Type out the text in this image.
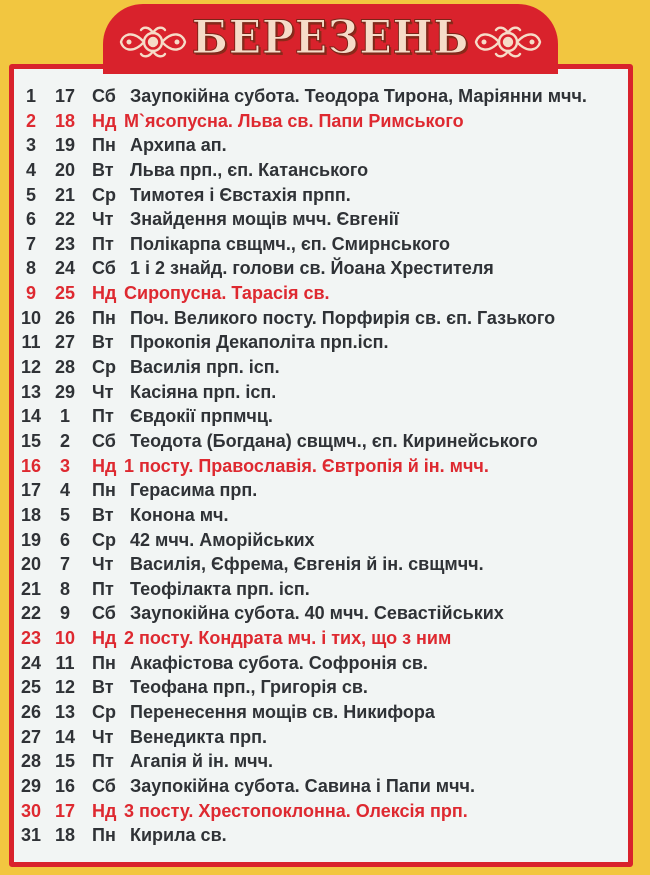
БЕРЕЗЕНЬ
1	17 Сб Заупокійна субота. Теодора Тирона, Маріянни мчч.
2	18 Нд М`ясопусна. Льва св. Папи Римського
3	19 Пн Архипа ап.
4	20 Вт Льва прп., єп. Катанського
5	21 Ср Тимотея і Євстахія прпп.
6	22 Чт Знайдення мощів мчч. Євгенії
7	23 Пт Полікарпа свщмч., єп. Смирнського
8	24 Сб 1 і 2 знайд. голови св. Йоана Хрестителя
9	25 Нд Сиропусна. Тарасія св.
10 26 Пн Поч. Великого посту. Порфирія св. єп. Газького
11 27 Вт Прокопія Декаполіта прп.ісп.
12 28 Ср Василія прп. ісп.
13 29 Чт Касіяна прп. ісп.
14	1	Пт Євдокії прпмчц.
15	2	Сб Теодота (Богдана) свщмч., єп. Киринейського
16	3	Нд 1 посту. Православія. Євтропія й ін. мчч.
17	4	Пн Герасима прп.
18	5	Вт Конона мч.
19	6	Ср 42 мчч. Аморійських
20	7	Чт Василія, Єфрема, Євгенія й ін. свщмчч.
21	8	Пт Теофілакта прп. ісп.
22	9	Сб Заупокійна субота. 40 мчч. Севастійських
23 10 Нд 2 посту. Кондрата мч. і тих, що з ним
24 11 Пн Акафістова субота. Софронія св.
25 12 Вт Теофана прп., Григорія св.
26 13 Ср Перенесення мощів св. Никифора
27 14 Чт Венедикта прп.
28 15 Пт Агапія й ін. мчч.
29 16 Сб Заупокійна субота. Савина і Папи мчч.
30 17 Нд 3 посту. Хрестопоклонна. Олексія прп.
31 18 Пн Кирила св.
